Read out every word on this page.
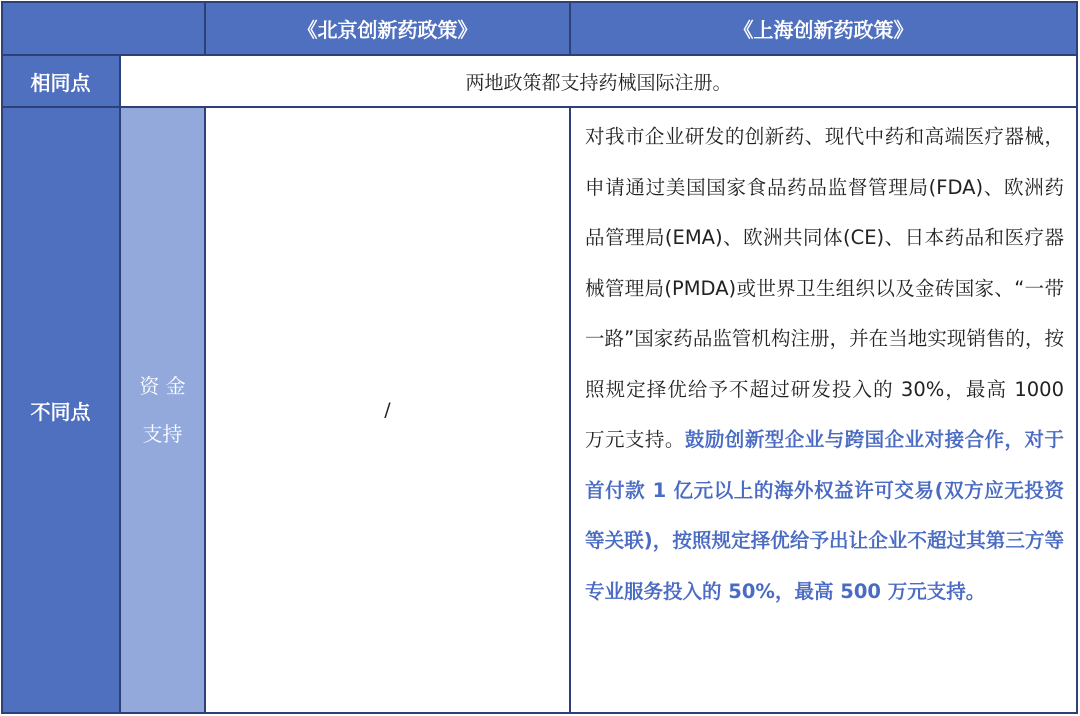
《北京创新药政策》	《上海创新药政策》
相同点	两地政策都支持药械国际注册。
不同点
资 金
支持
/
对我市企业研发的创新药、现代中药和高端医疗器械，申请通过美国国家食品药品监督管理局(FDA)、欧洲药品管理局(EMA)、欧洲共同体(CE)、日本药品和医疗器械管理局(PMDA)或世界卫生组织以及金砖国家、“一带一路”国家药品监管机构注册，并在当地实现销售的，按照规定择优给予不超过研发投入的 30%，最高 1000 万元支持。鼓励创新型企业与跨国企业对接合作，对于首付款 1 亿元以上的海外权益许可交易(双方应无投资等关联)，按照规定择优给予出让企业不超过其第三方等专业服务投入的 50%，最高 500 万元支持。
